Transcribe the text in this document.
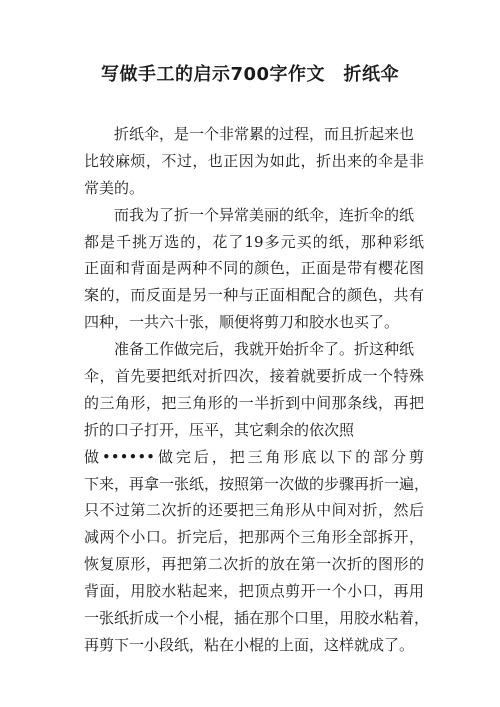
写做手工的启示700字作文　折纸伞
折纸伞，是一个非常累的过程，而且折起来也
比较麻烦，不过，也正因为如此，折出来的伞是非
常美的。
而我为了折一个异常美丽的纸伞，连折伞的纸
都是千挑万选的，花了19多元买的纸，那种彩纸
正面和背面是两种不同的颜色，正面是带有樱花图
案的，而反面是另一种与正面相配合的颜色，共有
四种，一共六十张，顺便将剪刀和胶水也买了。
准备工作做完后，我就开始折伞了。折这种纸
伞，首先要把纸对折四次，接着就要折成一个特殊
的三角形，把三角形的一半折到中间那条线，再把
折的口子打开，压平，其它剩余的依次照
做••••••做完后，把三角形底以下的部分剪
下来，再拿一张纸，按照第一次做的步骤再折一遍，
只不过第二次折的还要把三角形从中间对折，然后
减两个小口。折完后，把那两个三角形全部拆开，
恢复原形，再把第二次折的放在第一次折的图形的
背面，用胶水粘起来，把顶点剪开一个小口，再用
一张纸折成一个小棍，插在那个口里，用胶水粘着，
再剪下一小段纸，粘在小棍的上面，这样就成了。
